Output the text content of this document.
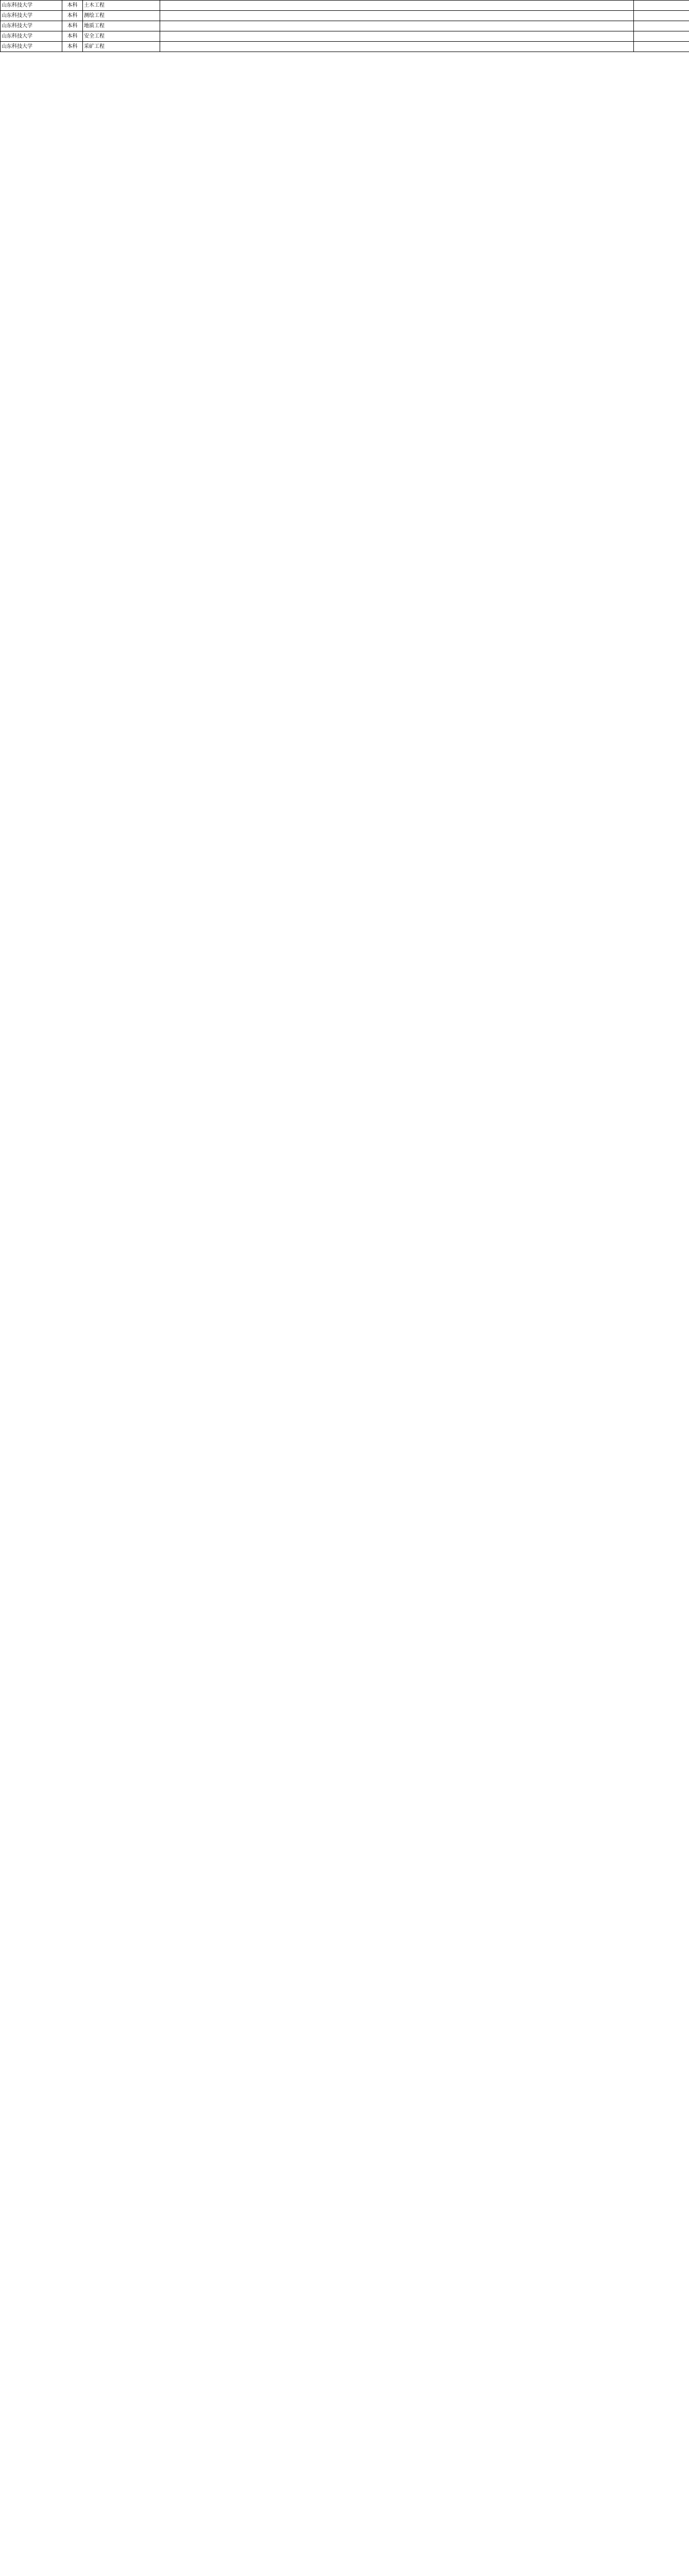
山东科技大学	本科	土木工程		
山东科技大学	本科	测绘工程		
山东科技大学	本科	地质工程		
山东科技大学	本科	安全工程		
山东科技大学	本科	采矿工程		
